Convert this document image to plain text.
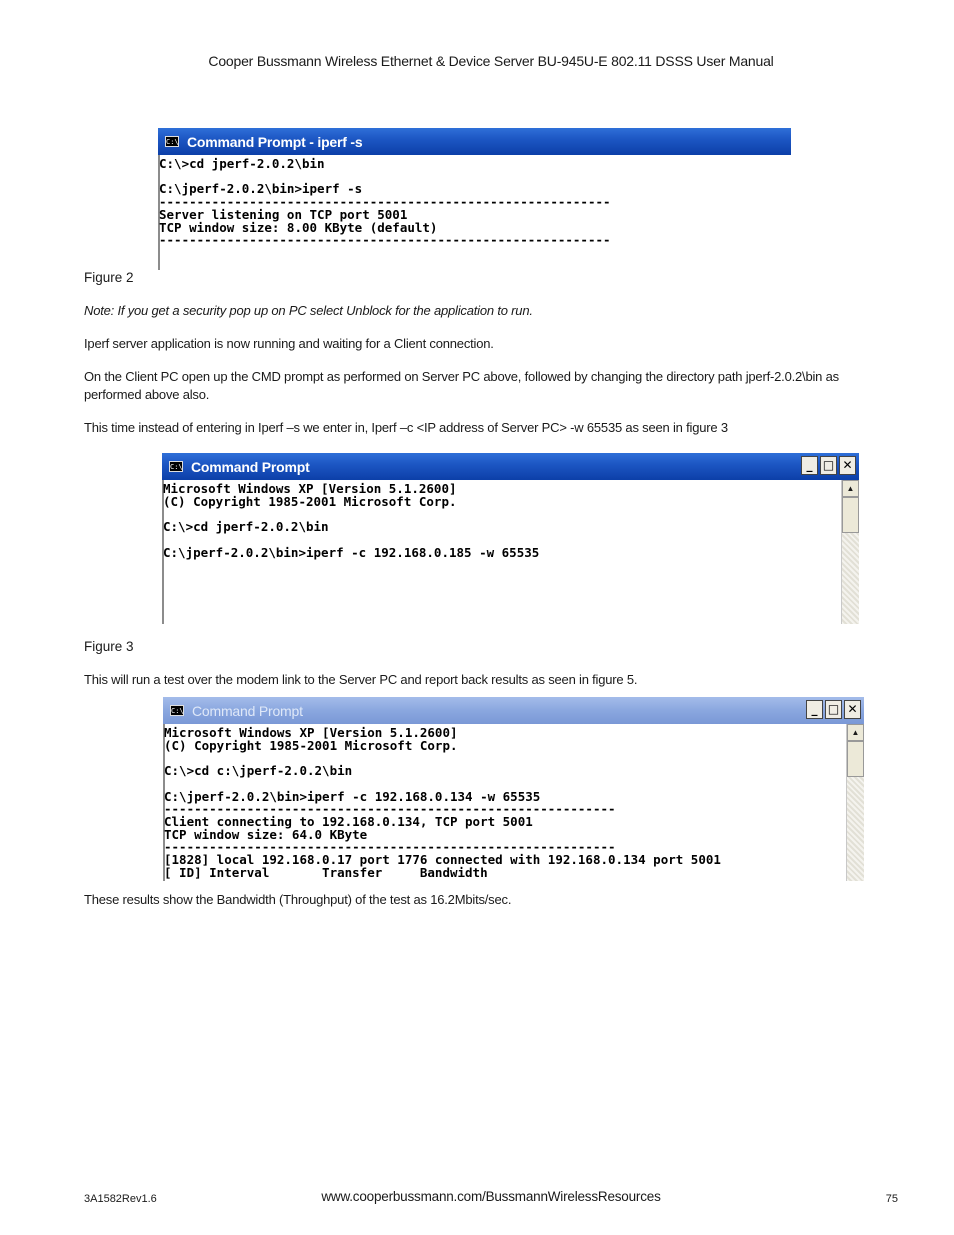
Cooper Bussmann Wireless Ethernet & Device Server BU-945U-E 802.11 DSSS User Manual
C:\ Command Prompt - iperf -s
C:\>cd jperf-2.0.2\bin

C:\jperf-2.0.2\bin>iperf -s
------------------------------------------------------------
Server listening on TCP port 5001
TCP window size: 8.00 KByte (default)
------------------------------------------------------------
Figure 2
Note: If you get a security pop up on PC select Unblock for the application to run.
Iperf server application is now running and waiting for a Client connection.
On the Client PC open up the CMD prompt as performed on Server PC above, followed by changing the directory path jperf-2.0.2\bin as performed above also.
This time instead of entering in Iperf –s we enter in, Iperf –c <IP address of Server PC> -w 65535 as seen in figure 3
C:\ Command Prompt	_ □ ✕
Microsoft Windows XP [Version 5.1.2600]
(C) Copyright 1985-2001 Microsoft Corp.

C:\>cd jperf-2.0.2\bin

C:\jperf-2.0.2\bin>iperf -c 192.168.0.185 -w 65535
▲
Figure 3
This will run a test over the modem link to the Server PC and report back results as seen in figure 5.
C:\ Command Prompt	_ □ ✕
Microsoft Windows XP [Version 5.1.2600]
(C) Copyright 1985-2001 Microsoft Corp.

C:\>cd c:\jperf-2.0.2\bin

C:\jperf-2.0.2\bin>iperf -c 192.168.0.134 -w 65535
------------------------------------------------------------
Client connecting to 192.168.0.134, TCP port 5001
TCP window size: 64.0 KByte
------------------------------------------------------------
[1828] local 192.168.0.17 port 1776 connected with 192.168.0.134 port 5001
[ ID] Interval       Transfer     Bandwidth
▲
These results show the Bandwidth (Throughput) of the test as 16.2Mbits/sec.
3A1582Rev1.6	www.cooperbussmann.com/BussmannWirelessResources	75
